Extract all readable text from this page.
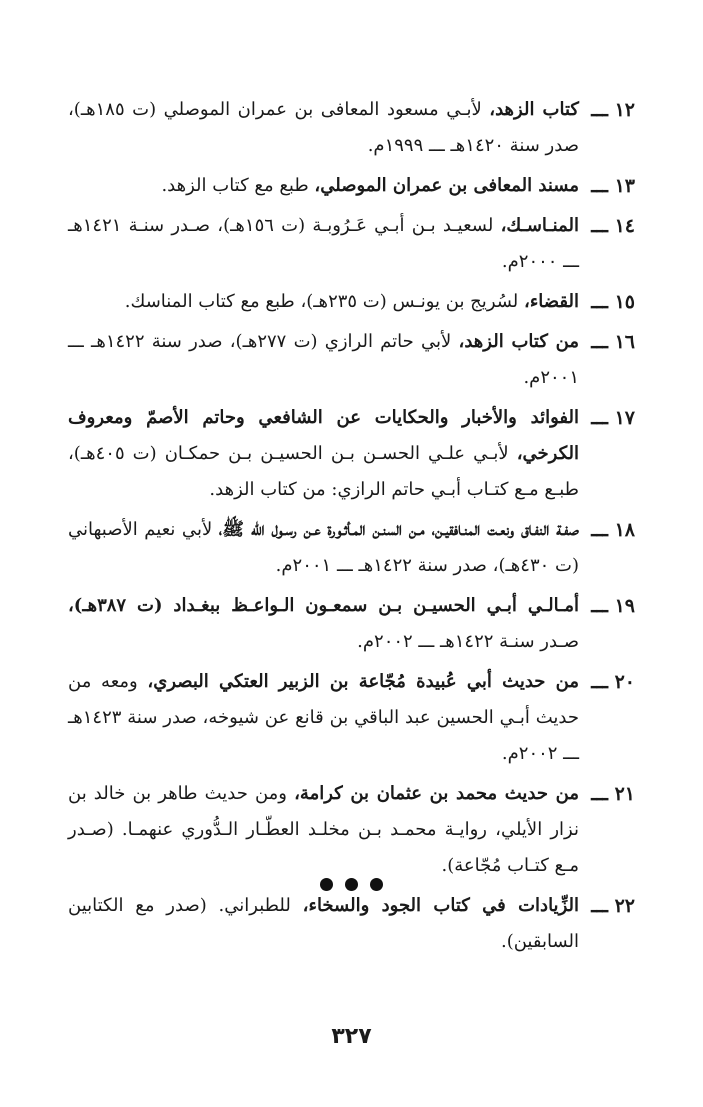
١٢ ـــ
كتاب الزهد، لأبـي مسعود المعافى بن عمران الموصلي (ت ١٨٥هـ)، صدر سنة ١٤٢٠هـ ـــ ١٩٩٩م.
١٣ ـــ
مسند المعافى بن عمران الموصلي، طبع مع كتاب الزهد.
١٤ ـــ
المنـاسـك، لسعيـد بـن أبـي عَـرُوبـة (ت ١٥٦هـ)، صـدر سنـة ١٤٢١هـ ـــ ٢٠٠٠م.
١٥ ـــ
القضاء، لسُريج بن يونـس (ت ٢٣٥هـ)، طبع مع كتاب المناسك.
١٦ ـــ
من كتاب الزهد، لأبي حاتم الرازي (ت ٢٧٧هـ)، صدر سنة ١٤٢٢هـ ـــ ٢٠٠١م.
١٧ ـــ
الفوائد والأخبار والحكايات عن الشافعي وحاتم الأصمّ ومعروف الكرخي، لأبـي علـي الحسـن بـن الحسيـن بـن حمكـان (ت ٤٠٥هـ)، طبـع مـع كتـاب أبـي حاتم الرازي: من كتاب الزهد.
١٨ ـــ
صفـة النفـاق ونعـت المنـافقيـن، مـن السنـن المـأثـورة عـن رسـول الله ﷺ، لأبي نعيم الأصبهاني (ت ٤٣٠هـ)، صدر سنة ١٤٢٢هـ ـــ ٢٠٠١م.
١٩ ـــ
أمـالـي أبـي الحسيـن بـن سمعـون الـواعـظ ببغـداد (ت ٣٨٧هـ)، صـدر سنـة ١٤٢٢هـ ـــ ٢٠٠٢م.
٢٠ ـــ
من حديث أبي عُبيدة مُجّاعة بن الزبير العتكي البصري، ومعه من حديث أبـي الحسين عبد الباقي بن قانع عن شيوخه، صدر سنة ١٤٢٣هـ ـــ ٢٠٠٢م.
٢١ ـــ
من حديث محمد بن عثمان بن كرامة، ومن حديث طاهر بن خالد بن نزار الأيلي، روايـة محمـد بـن مخلـد العطّـار الـدُّوري عنهمـا. (صـدر مـع كتـاب مُجّاعة).
٢٢ ـــ
الزِّيادات في كتاب الجود والسخاء، للطبراني. (صدر مع الكتابين السابقين).
٣٢٧
